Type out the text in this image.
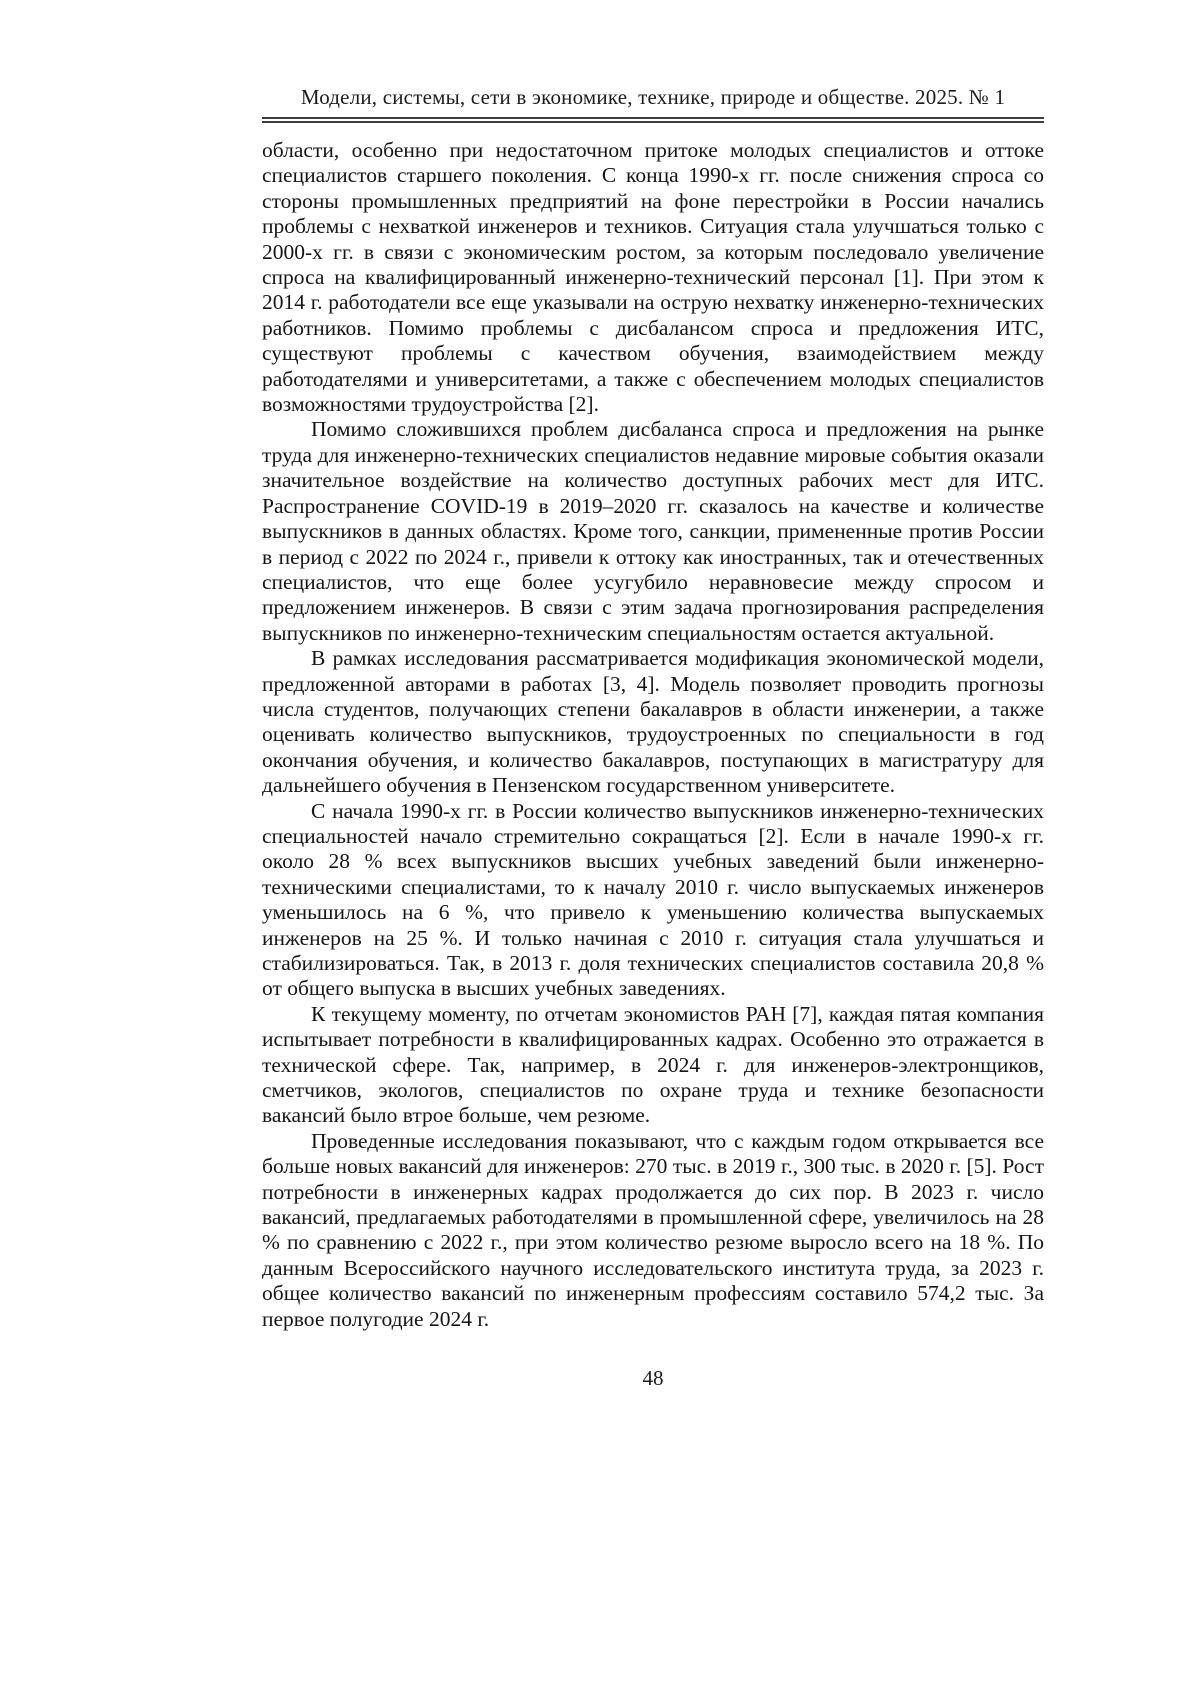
Модели, системы, сети в экономике, технике, природе и обществе. 2025. № 1

области, особенно при недостаточном притоке молодых специалистов и оттоке специалистов старшего поколения. С конца 1990-х гг. после снижения спроса со стороны промышленных предприятий на фоне перестройки в России начались проблемы с нехваткой инженеров и техников. Ситуация стала улучшаться только с 2000-х гг. в связи с экономическим ростом, за которым последовало увеличение спроса на квалифицированный инженерно-технический персонал [1]. При этом к 2014 г. работодатели все еще указывали на острую нехватку инженерно-технических работников. Помимо проблемы с дисбалансом спроса и предложения ИТС, существуют проблемы с качеством обучения, взаимодействием между работодателями и университетами, а также с обеспечением молодых специалистов возможностями трудоустройства [2].

Помимо сложившихся проблем дисбаланса спроса и предложения на рынке труда для инженерно-технических специалистов недавние мировые события оказали значительное воздействие на количество доступных рабочих мест для ИТС. Распространение COVID-19 в 2019–2020 гг. сказалось на качестве и количестве выпускников в данных областях. Кроме того, санкции, примененные против России в период с 2022 по 2024 г., привели к оттоку как иностранных, так и отечественных специалистов, что еще более усугубило неравновесие между спросом и предложением инженеров. В связи с этим задача прогнозирования распределения выпускников по инженерно-техническим специальностям остается актуальной.

В рамках исследования рассматривается модификация экономической модели, предложенной авторами в работах [3, 4]. Модель позволяет проводить прогнозы числа студентов, получающих степени бакалавров в области инженерии, а также оценивать количество выпускников, трудоустроенных по специальности в год окончания обучения, и количество бакалавров, поступающих в магистратуру для дальнейшего обучения в Пензенском государственном университете.

С начала 1990-х гг. в России количество выпускников инженерно-технических специальностей начало стремительно сокращаться [2]. Если в начале 1990-х гг. около 28 % всех выпускников высших учебных заведений были инженерно-техническими специалистами, то к началу 2010 г. число выпускаемых инженеров уменьшилось на 6 %, что привело к уменьшению количества выпускаемых инженеров на 25 %. И только начиная с 2010 г. ситуация стала улучшаться и стабилизироваться. Так, в 2013 г. доля технических специалистов составила 20,8 % от общего выпуска в высших учебных заведениях.

К текущему моменту, по отчетам экономистов РАН [7], каждая пятая компания испытывает потребности в квалифицированных кадрах. Особенно это отражается в технической сфере. Так, например, в 2024 г. для инженеров-электронщиков, сметчиков, экологов, специалистов по охране труда и технике безопасности вакансий было втрое больше, чем резюме.

Проведенные исследования показывают, что с каждым годом открывается все больше новых вакансий для инженеров: 270 тыс. в 2019 г., 300 тыс. в 2020 г. [5]. Рост потребности в инженерных кадрах продолжается до сих пор. В 2023 г. число вакансий, предлагаемых работодателями в промышленной сфере, увеличилось на 28 % по сравнению с 2022 г., при этом количество резюме выросло всего на 18 %. По данным Всероссийского научного исследовательского института труда, за 2023 г. общее количество вакансий по инженерным профессиям составило 574,2 тыс. За первое полугодие 2024 г.

48
